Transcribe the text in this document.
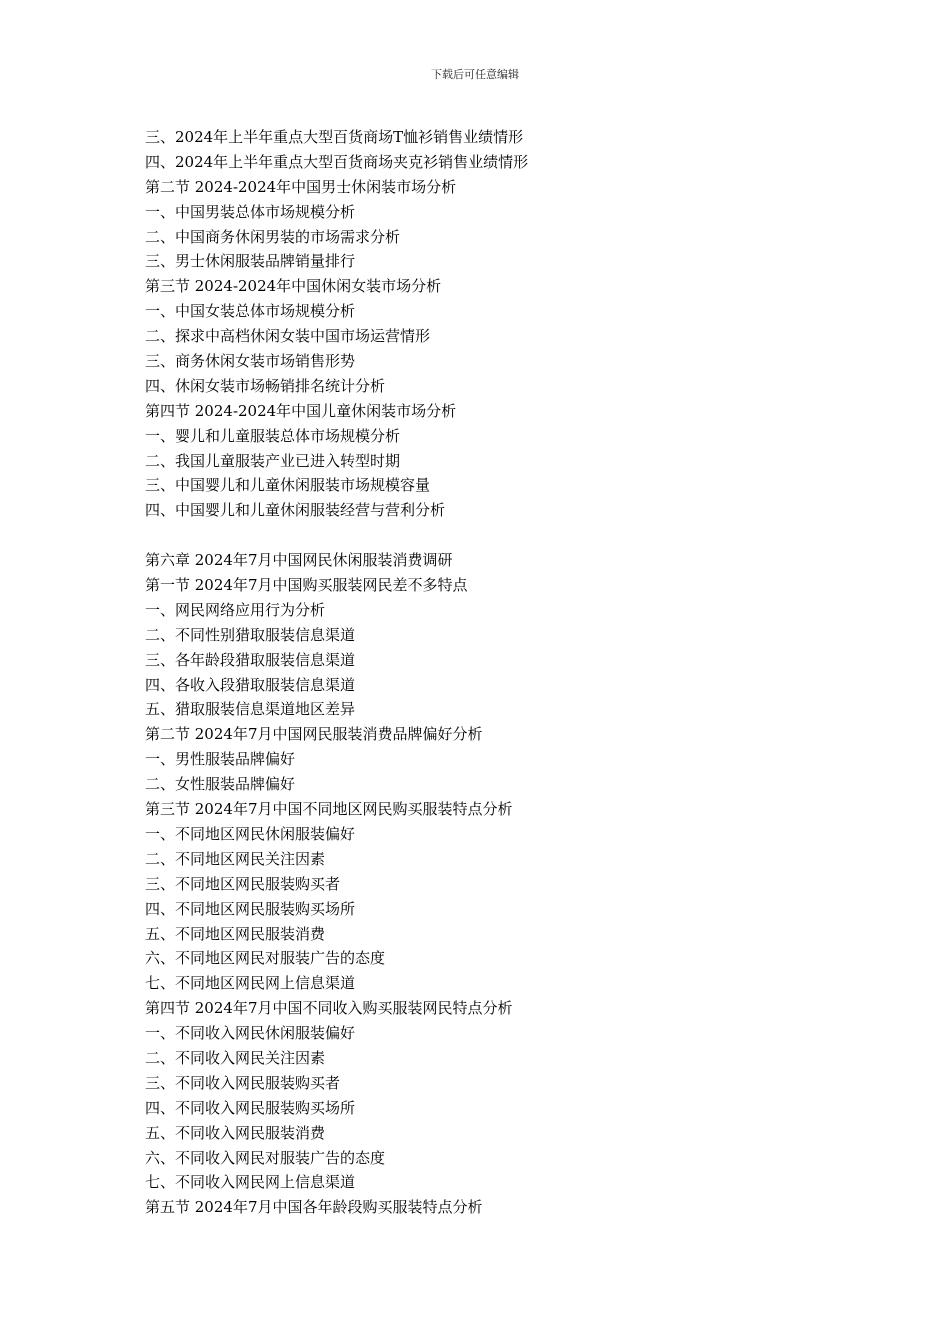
下载后可任意编辑
三、2024年上半年重点大型百货商场T恤衫销售业绩情形
四、2024年上半年重点大型百货商场夹克衫销售业绩情形
第二节 2024-2024年中国男士休闲装市场分析
一、中国男装总体市场规模分析
二、中国商务休闲男装的市场需求分析
三、男士休闲服装品牌销量排行
第三节 2024-2024年中国休闲女装市场分析
一、中国女装总体市场规模分析
二、探求中高档休闲女装中国市场运营情形
三、商务休闲女装市场销售形势
四、休闲女装市场畅销排名统计分析
第四节 2024-2024年中国儿童休闲装市场分析
一、婴儿和儿童服装总体市场规模分析
二、我国儿童服装产业已进入转型时期
三、中国婴儿和儿童休闲服装市场规模容量
四、中国婴儿和儿童休闲服装经营与营利分析
第六章 2024年7月中国网民休闲服装消费调研
第一节 2024年7月中国购买服装网民差不多特点
一、网民网络应用行为分析
二、不同性别猎取服装信息渠道
三、各年龄段猎取服装信息渠道
四、各收入段猎取服装信息渠道
五、猎取服装信息渠道地区差异
第二节 2024年7月中国网民服装消费品牌偏好分析
一、男性服装品牌偏好
二、女性服装品牌偏好
第三节 2024年7月中国不同地区网民购买服装特点分析
一、不同地区网民休闲服装偏好
二、不同地区网民关注因素
三、不同地区网民服装购买者
四、不同地区网民服装购买场所
五、不同地区网民服装消费
六、不同地区网民对服装广告的态度
七、不同地区网民网上信息渠道
第四节 2024年7月中国不同收入购买服装网民特点分析
一、不同收入网民休闲服装偏好
二、不同收入网民关注因素
三、不同收入网民服装购买者
四、不同收入网民服装购买场所
五、不同收入网民服装消费
六、不同收入网民对服装广告的态度
七、不同收入网民网上信息渠道
第五节 2024年7月中国各年龄段购买服装特点分析
